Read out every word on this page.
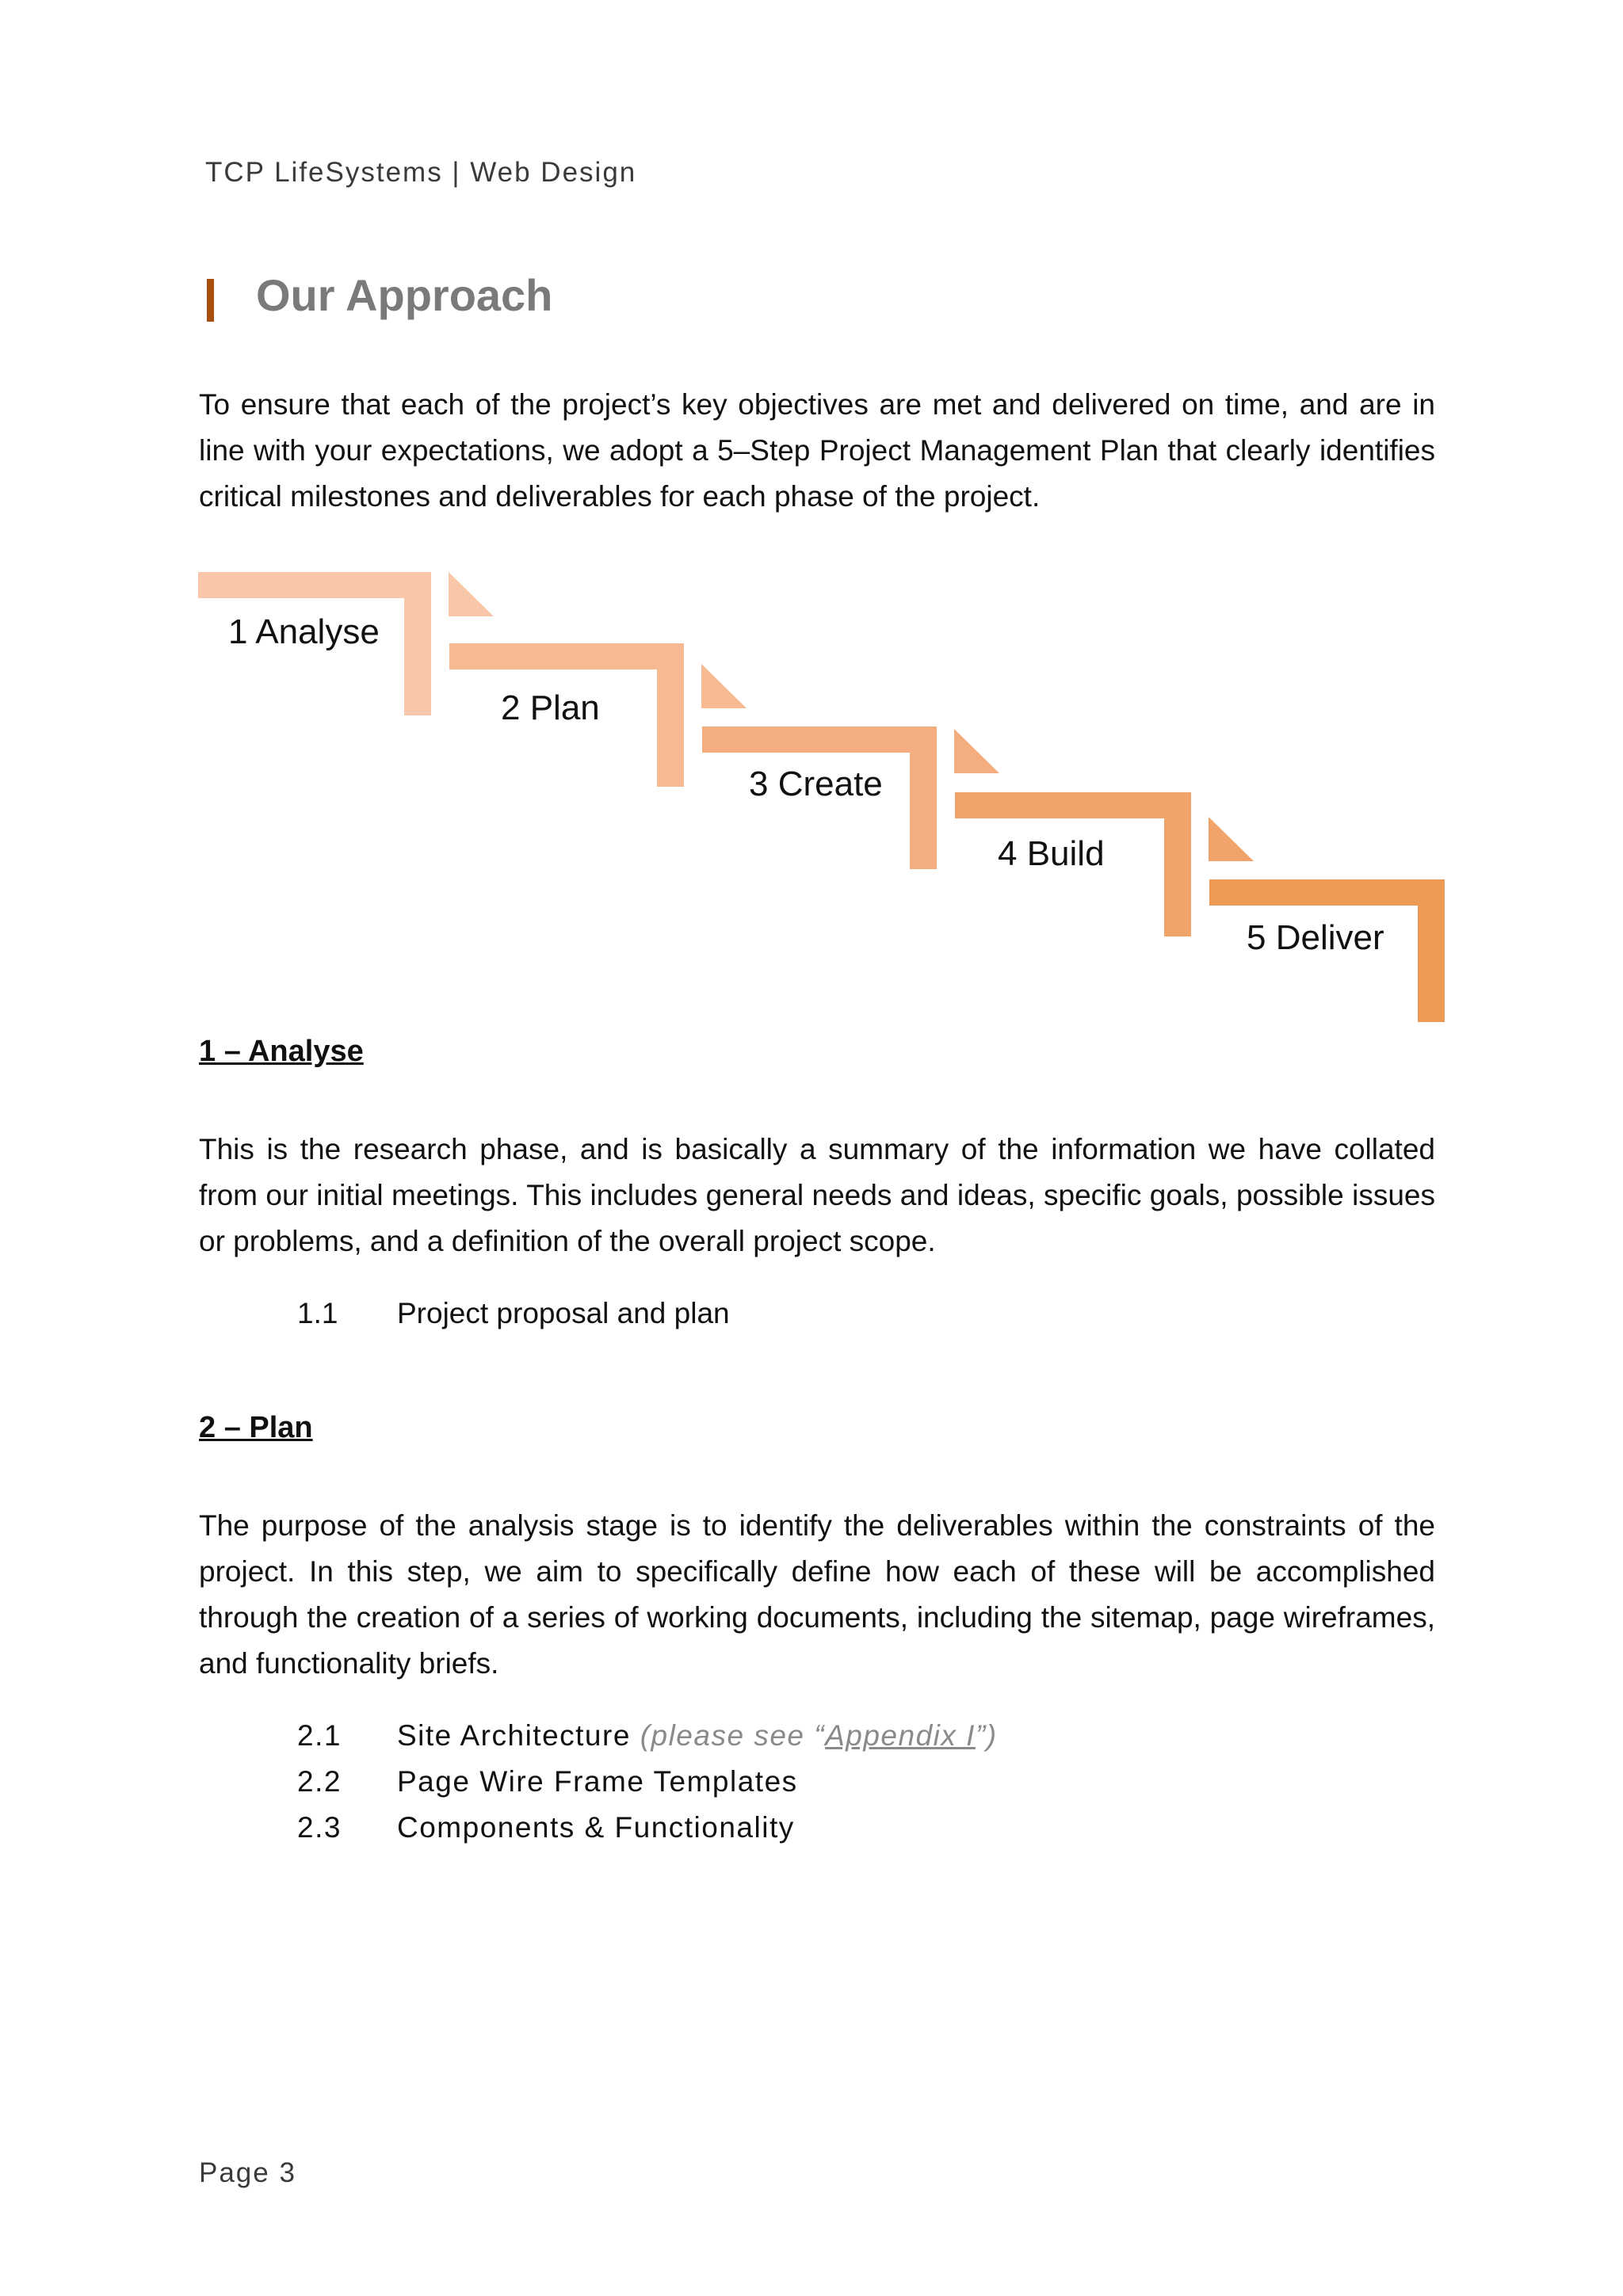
TCP LifeSystems | Web Design
Our Approach

To ensure that each of the project’s key objectives are met and delivered on time, and are in line with your expectations, we adopt a 5–Step Project Management Plan that clearly identifies critical milestones and deliverables for each phase of the project.

1 Analyse
2 Plan
3 Create
4 Build
5 Deliver
1 – Analyse

This is the research phase, and is basically a summary of the information we have collated from our initial meetings. This includes general needs and ideas, specific goals, possible issues or problems, and a definition of the overall project scope.

1.1	Project proposal and plan
2 – Plan

The purpose of the analysis stage is to identify the deliverables within the constraints of the project. In this step, we aim to specifically define how each of these will be accomplished through the creation of a series of working documents, including the sitemap, page wireframes, and functionality briefs.

2.1	Site Architecture (please see “Appendix I”)
2.2	Page Wire Frame Templates
2.3	Components & Functionality
Page 3
